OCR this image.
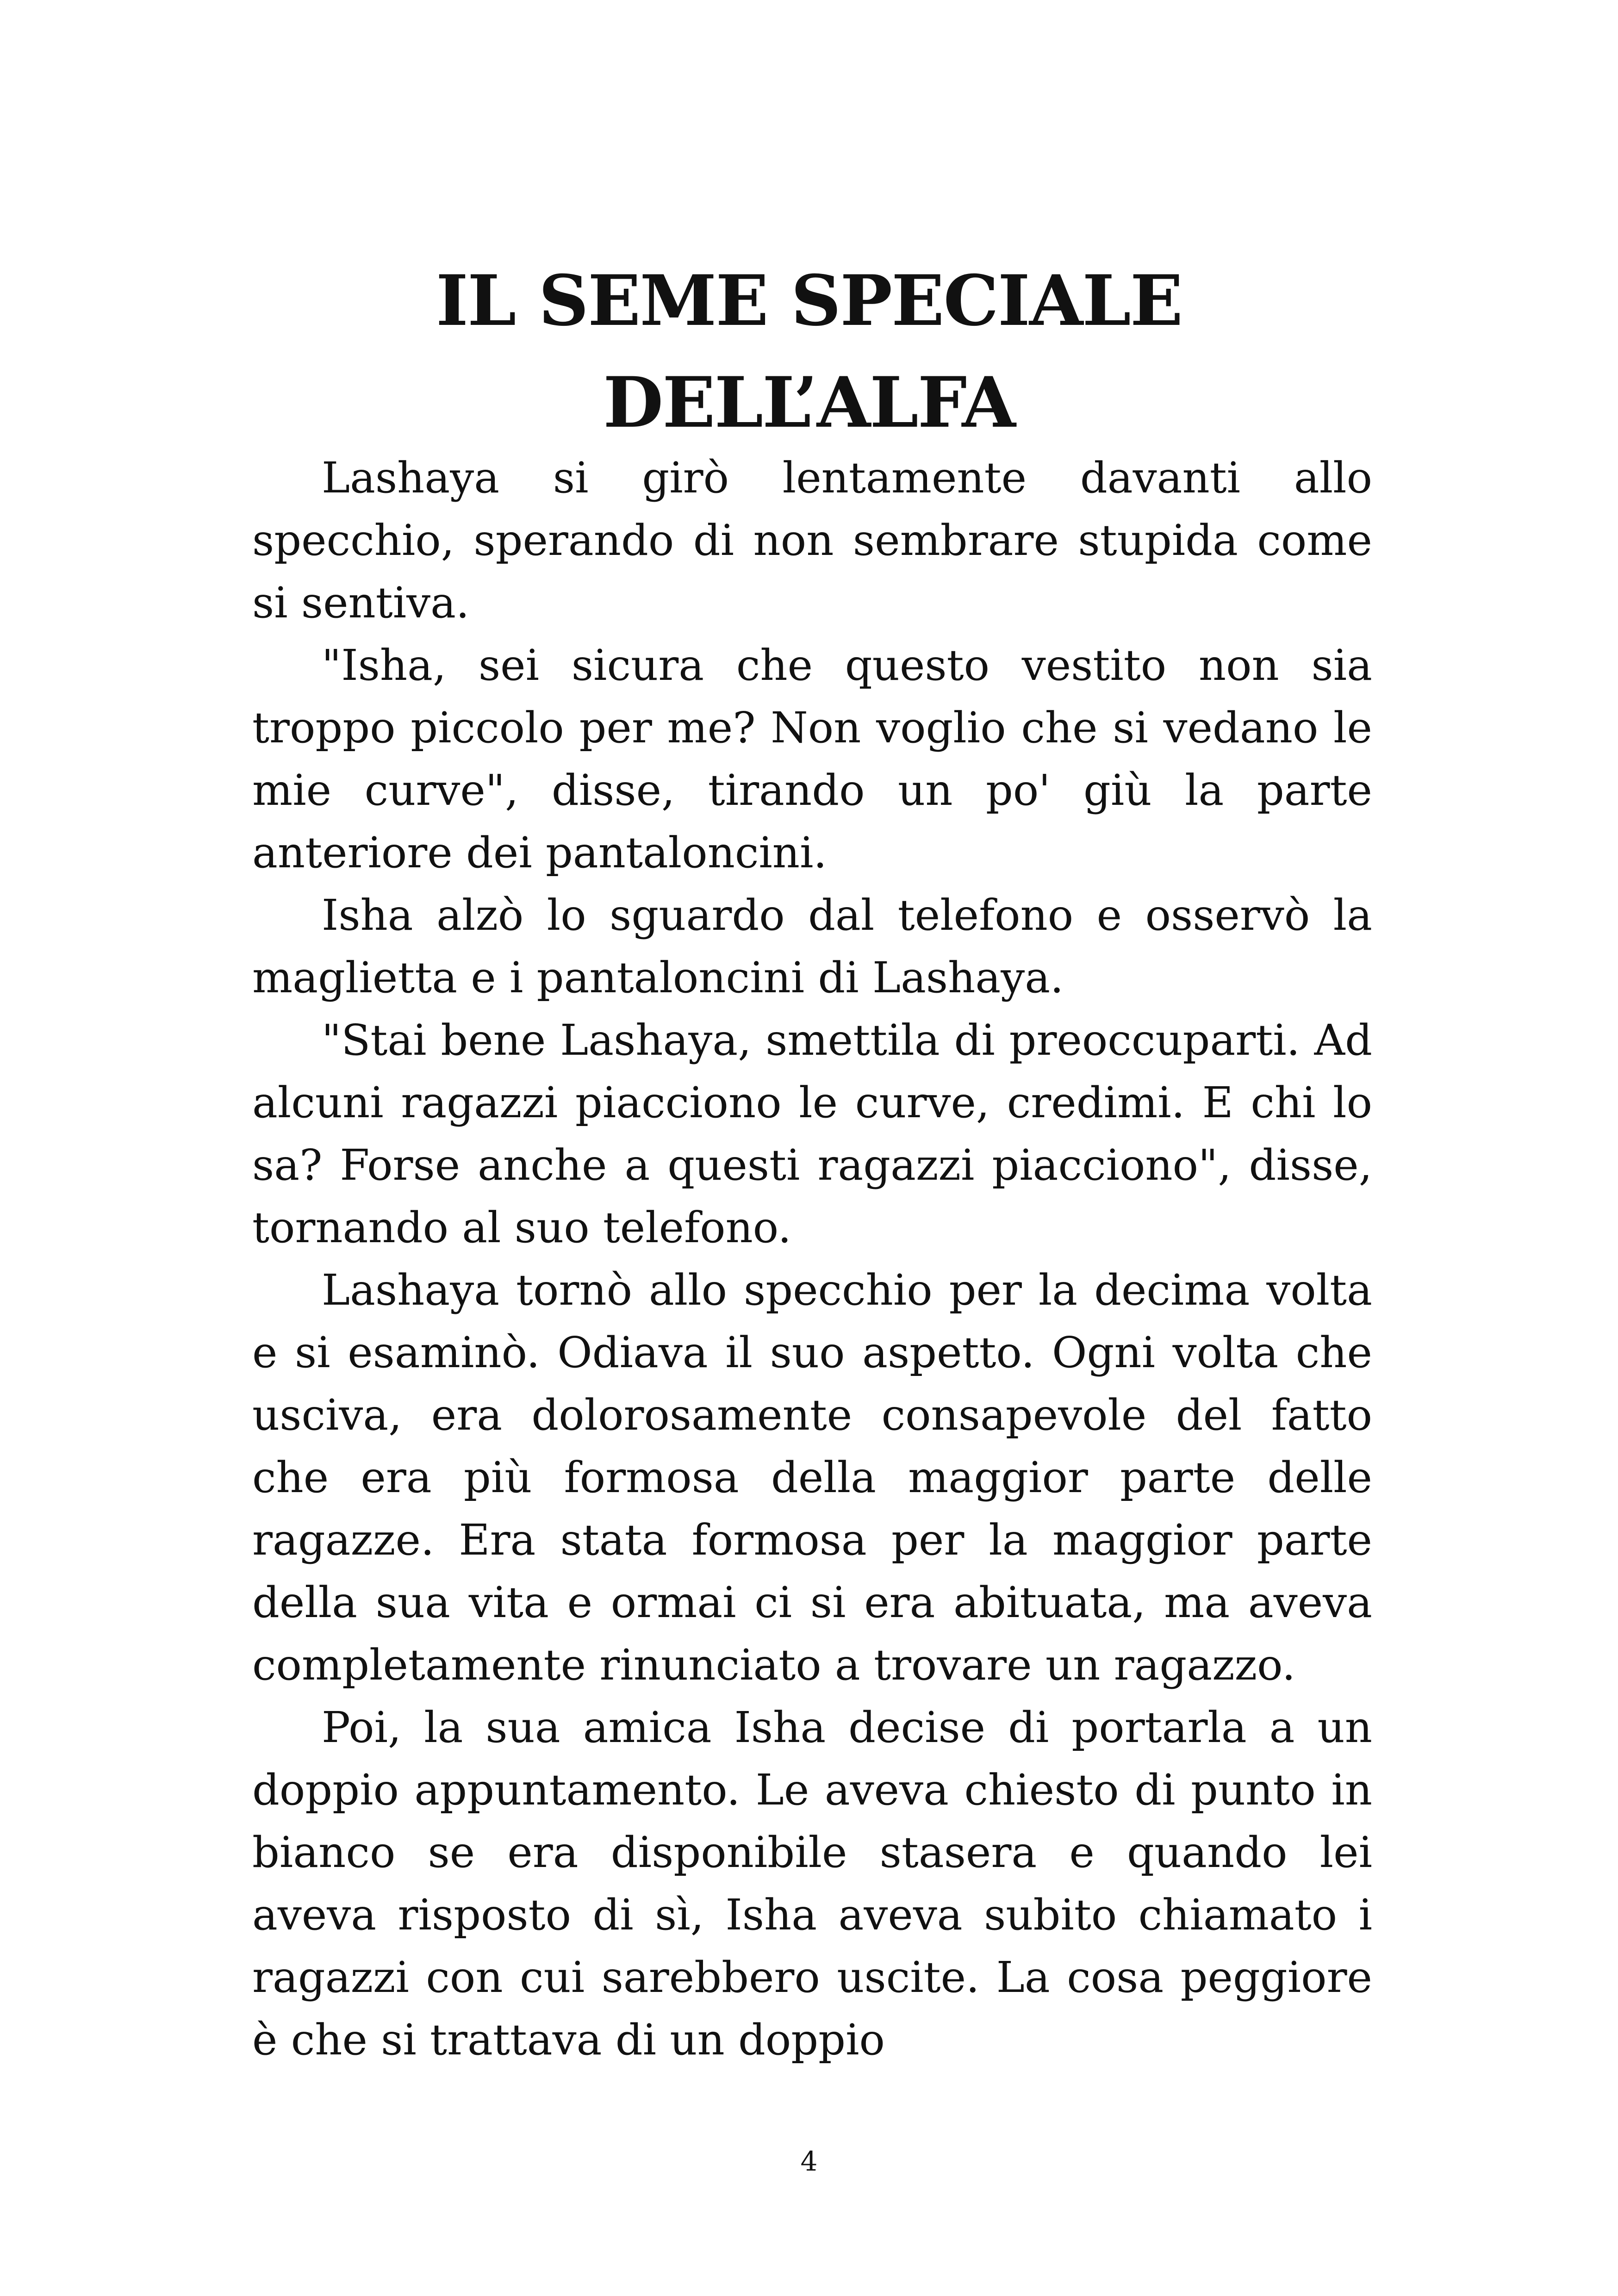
IL SEME SPECIALE DELL’ALFA

Lashaya si girò lentamente davanti allo specchio, sperando di non sembrare stupida come si sentiva.

"Isha, sei sicura che questo vestito non sia troppo piccolo per me? Non voglio che si vedano le mie curve", disse, tirando un po' giù la parte anteriore dei pantaloncini.

Isha alzò lo sguardo dal telefono e osservò la maglietta e i pantaloncini di Lashaya.

"Stai bene Lashaya, smettila di preoccuparti. Ad alcuni ragazzi piacciono le curve, credimi. E chi lo sa? Forse anche a questi ragazzi piacciono", disse, tornando al suo telefono.

Lashaya tornò allo specchio per la decima volta e si esaminò. Odiava il suo aspetto. Ogni volta che usciva, era dolorosamente consapevole del fatto che era più formosa della maggior parte delle ragazze. Era stata formosa per la maggior parte della sua vita e ormai ci si era abituata, ma aveva completamente rinunciato a trovare un ragazzo.

Poi, la sua amica Isha decise di portarla a un doppio appuntamento. Le aveva chiesto di punto in bianco se era disponibile stasera e quando lei aveva risposto di sì, Isha aveva subito chiamato i ragazzi con cui sarebbero uscite. La cosa peggiore è che si trattava di un doppio

4
